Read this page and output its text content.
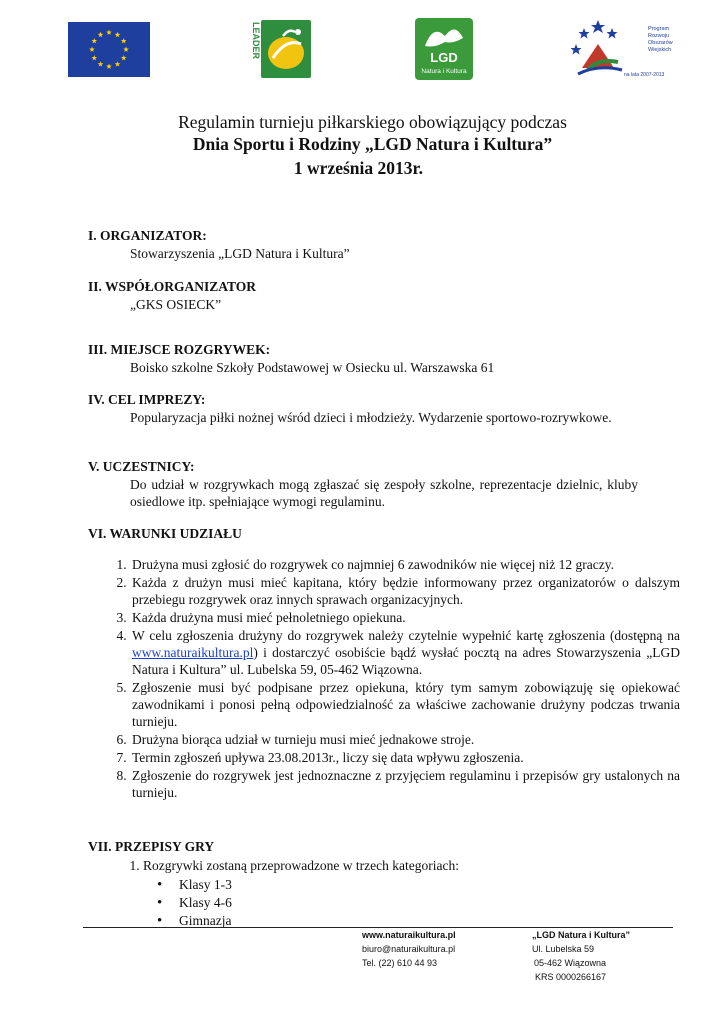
LEADER	LGD
Natura i Kultura
Program
Rozwoju
Obszarów
Wiejskich
na lata 2007-2013
Regulamin turnieju piłkarskiego obowiązujący podczas
Dnia Sportu i Rodziny „LGD Natura i Kultura”
1 września 2013r.
I. ORGANIZATOR:
Stowarzyszenia „LGD Natura i Kultura”
II. WSPÓŁORGANIZATOR
„GKS OSIECK”
III. MIEJSCE ROZGRYWEK:
Boisko szkolne Szkoły Podstawowej w Osiecku ul. Warszawska 61
IV. CEL IMPREZY:
Popularyzacja piłki nożnej wśród dzieci i młodzieży. Wydarzenie sportowo-rozrywkowe.
V. UCZESTNICY:
Do udział w rozgrywkach mogą zgłaszać się zespoły szkolne, reprezentacje dzielnic, kluby osiedlowe itp. spełniające wymogi regulaminu.
VI. WARUNKI UDZIAŁU
1. Drużyna musi zgłosić do rozgrywek co najmniej 6 zawodników nie więcej niż 12 graczy.
2. Każda z drużyn musi mieć kapitana, który będzie informowany przez organizatorów o dalszym przebiegu rozgrywek oraz innych sprawach organizacyjnych.
3. Każda drużyna musi mieć pełnoletniego opiekuna.
4. W celu zgłoszenia drużyny do rozgrywek należy czytelnie wypełnić kartę zgłoszenia (dostępną na www.naturaikultura.pl) i dostarczyć osobiście bądź wysłać pocztą na adres Stowarzyszenia „LGD Natura i Kultura” ul. Lubelska 59, 05-462 Wiązowna.
5. Zgłoszenie musi być podpisane przez opiekuna, który tym samym zobowiązuję się opiekować zawodnikami i ponosi pełną odpowiedzialność za właściwe zachowanie drużyny podczas trwania turnieju.
6. Drużyna biorąca udział w turnieju musi mieć jednakowe stroje.
7. Termin zgłoszeń upływa 23.08.2013r., liczy się data wpływu zgłoszenia.
8. Zgłoszenie do rozgrywek jest jednoznaczne z przyjęciem regulaminu i przepisów gry ustalonych na turnieju.
VII. PRZEPISY GRY
1. Rozgrywki zostaną przeprowadzone w trzech kategoriach:
• Klasy 1-3
• Klasy 4-6
• Gimnazja
www.naturaikultura.pl
biuro@naturaikultura.pl
Tel. (22) 610 44 93
„LGD Natura i Kultura”
Ul. Lubelska 59
05-462 Wiązowna
KRS 0000266167
